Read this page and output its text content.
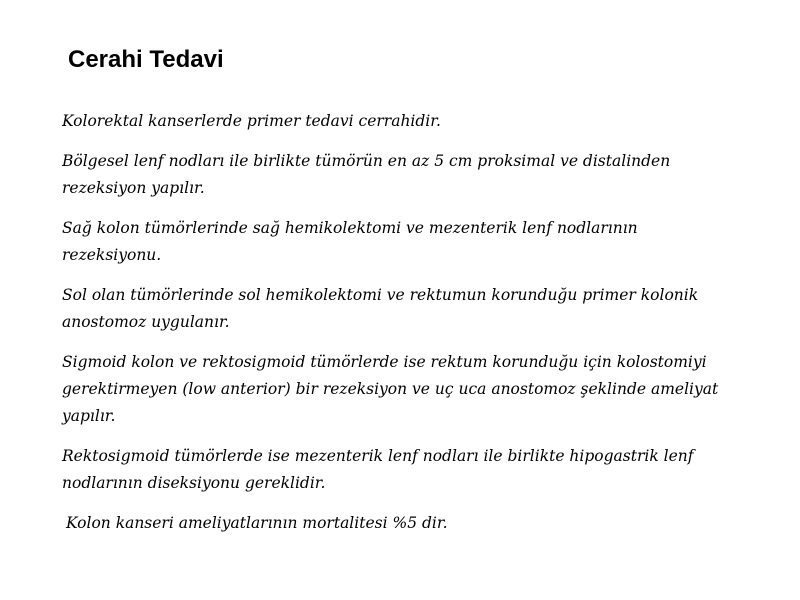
Cerahi Tedavi

Kolorektal kanserlerde primer tedavi cerrahidir.

Bölgesel lenf nodları ile birlikte tümörün en az 5 cm proksimal ve distalinden rezeksiyon yapılır.

Sağ kolon tümörlerinde sağ hemikolektomi ve mezenterik lenf nodlarının rezeksiyonu.

Sol olan tümörlerinde sol hemikolektomi ve rektumun korunduğu primer kolonik anostomoz uygulanır.

Sigmoid kolon ve rektosigmoid tümörlerde ise rektum korunduğu için kolostomiyi gerektirmeyen (low anterior) bir rezeksiyon ve uç uca anostomoz şeklinde ameliyat yapılır.

Rektosigmoid tümörlerde ise mezenterik lenf nodları ile birlikte hipogastrik lenf nodlarının diseksiyonu gereklidir.

Kolon kanseri ameliyatlarının mortalitesi %5 dir.
